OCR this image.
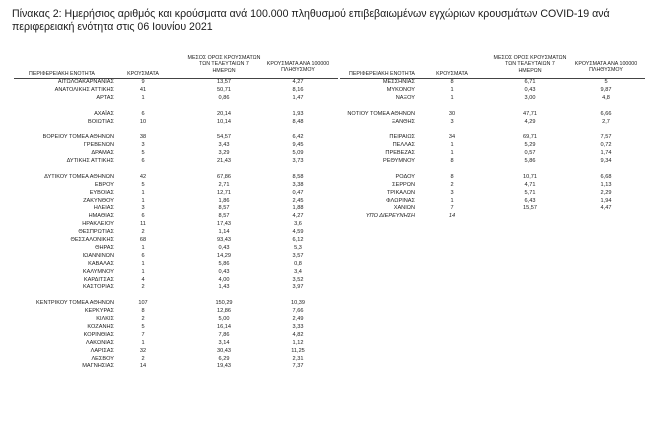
Πίνακας 2: Ημερήσιος αριθμός και κρούσματα ανά 100.000 πληθυσμού επιβεβαιωμένων εγχώριων κρουσμάτων COVID-19 ανά περιφερειακή ενότητα στις 06 Ιουνίου 2021
ΠΕΡΙΦΕΡΕΙΑΚΗ ΕΝΟΤΗΤΑ	ΚΡΟΥΣΜΑΤΑ
ΜΕΣΟΣ ΟΡΟΣ ΚΡΟΥΣΜΑΤΩΝ
ΤΩΝ ΤΕΛΕΥΤΑΙΩΝ 7
ΗΜΕΡΩΝ
ΚΡΟΥΣΜΑΤΑ ΑΝΑ 100000
ΠΛΗΘΥΣΜΟΥ
ΠΕΡΙΦΕΡΕΙΑΚΗ ΕΝΟΤΗΤΑ	ΚΡΟΥΣΜΑΤΑ
ΜΕΣΟΣ ΟΡΟΣ ΚΡΟΥΣΜΑΤΩΝ
ΤΩΝ ΤΕΛΕΥΤΑΙΩΝ 7
ΗΜΕΡΩΝ
ΚΡΟΥΣΜΑΤΑ ΑΝΑ 100000
ΠΛΗΘΥΣΜΟΥ
ΑΙΤΩΛΟΑΚΑΡΝΑΝΙΑΣ	9	13,57	4,27
ΑΝΑΤΟΛΙΚΗΣ ΑΤΤΙΚΗΣ	41	50,71	8,16
ΑΡΤΑΣ	1	0,86	1,47
ΑΧΑΪΑΣ	6	20,14	1,93
ΒΟΙΩΤΙΑΣ	10	10,14	8,48
ΒΟΡΕΙΟΥ ΤΟΜΕΑ ΑΘΗΝΩΝ	38	54,57	6,42
ΓΡΕΒΕΝΩΝ	3	3,43	9,45
ΔΡΑΜΑΣ	5	3,29	5,09
ΔΥΤΙΚΗΣ ΑΤΤΙΚΗΣ	6	21,43	3,73
ΔΥΤΙΚΟΥ ΤΟΜΕΑ ΑΘΗΝΩΝ	42	67,86	8,58
ΕΒΡΟΥ	5	2,71	3,38
ΕΥΒΟΙΑΣ	1	12,71	0,47
ΖΑΚΥΝΘΟΥ	1	1,86	2,45
ΗΛΕΙΑΣ	3	8,57	1,88
ΗΜΑΘΙΑΣ	6	8,57	4,27
ΗΡΑΚΛΕΙΟΥ	11	17,43	3,6
ΘΕΣΠΡΩΤΙΑΣ	2	1,14	4,59
ΘΕΣΣΑΛΟΝΙΚΗΣ	68	93,43	6,12
ΘΗΡΑΣ	1	0,43	5,3
ΙΩΑΝΝΙΝΩΝ	6	14,29	3,57
ΚΑΒΑΛΑΣ	1	5,86	0,8
ΚΑΛΥΜΝΟΥ	1	0,43	3,4
ΚΑΡΔΙΤΣΑΣ	4	4,00	3,52
ΚΑΣΤΟΡΙΑΣ	2	1,43	3,97
ΚΕΝΤΡΙΚΟΥ ΤΟΜΕΑ ΑΘΗΝΩΝ	107	150,29	10,39
ΚΕΡΚΥΡΑΣ	8	12,86	7,66
ΚΙΛΚΙΣ	2	5,00	2,49
ΚΟΖΑΝΗΣ	5	16,14	3,33
ΚΟΡΙΝΘΙΑΣ	7	7,86	4,82
ΛΑΚΩΝΙΑΣ	1	3,14	1,12
ΛΑΡΙΣΑΣ	32	30,43	11,25
ΛΕΣΒΟΥ	2	6,29	2,31
ΜΑΓΝΗΣΙΑΣ	14	19,43	7,37
ΜΕΣΣΗΝΙΑΣ	8	6,71	5
ΜΥΚΟΝΟΥ	1	0,43	9,87
ΝΑΞΟΥ	1	3,00	4,8
ΝΟΤΙΟΥ ΤΟΜΕΑ ΑΘΗΝΩΝ	30	47,71	6,66
ΞΑΝΘΗΣ	3	4,29	2,7
ΠΕΙΡΑΙΩΣ	34	69,71	7,57
ΠΕΛΛΑΣ	1	5,29	0,72
ΠΡΕΒΕΖΑΣ	1	0,57	1,74
ΡΕΘΥΜΝΟΥ	8	5,86	9,34
ΡΟΔΟΥ	8	10,71	6,68
ΣΕΡΡΩΝ	2	4,71	1,13
ΤΡΙΚΑΛΩΝ	3	5,71	2,29
ΦΛΩΡΙΝΑΣ	1	6,43	1,94
ΧΑΝΙΩΝ	7	15,57	4,47
ΥΠΟ ΔΙΕΡΕΥΝΗΣΗ	14
